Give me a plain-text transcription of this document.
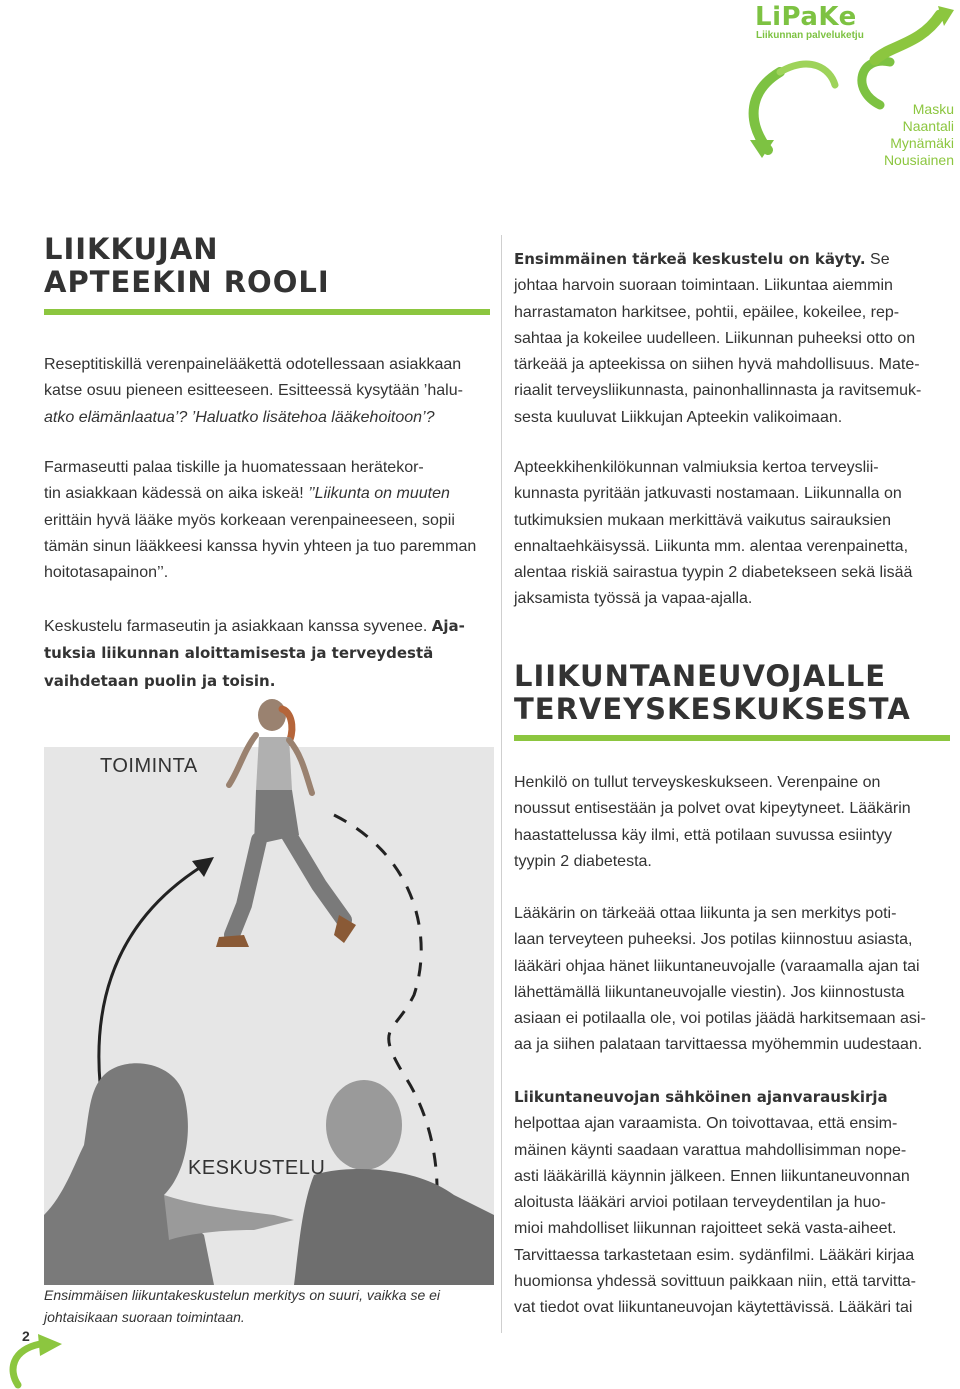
LiPaKe
Liikunnan palveluketju
Masku
Naantali
Mynämäki
Nousiainen
LIIKKUJAN
APTEEKIN ROOLI

Reseptitiskillä verenpainelääkettä odotellessaan asiakkaan

katse osuu pieneen esitteeseen. Esitteessä kysytään ’halu-

atko elämänlaatua’? ’Haluatko lisätehoa lääkehoitoon’?

Farmaseutti palaa tiskille ja huomatessaan herätekor-

tin asiakkaan kädessä on aika iskeä! ’’Liikunta on muuten

erittäin hyvä lääke myös korkeaan verenpaineeseen, sopii

tämän sinun lääkkeesi kanssa hyvin yhteen ja tuo paremman

hoitotasapainon’’.

Keskustelu farmaseutin ja asiakkaan kanssa syvenee. Aja-

tuksia liikunnan aloittamisesta ja terveydestä

vaihdetaan puolin ja toisin.

TOIMINTA
KESKUSTELU
Ensimmäisen liikuntakeskustelun merkitys on suuri, vaikka se ei
johtaisikaan suoraan toimintaan.

Ensimmäinen tärkeä keskustelu on käyty. Se

johtaa harvoin suoraan toimintaan. Liikuntaa aiemmin

harrastamaton harkitsee, pohtii, epäilee, kokeilee, rep-

sahtaa ja kokeilee uudelleen. Liikunnan puheeksi otto on

tärkeää ja apteekissa on siihen hyvä mahdollisuus. Mate-

riaalit terveysliikunnasta, painonhallinnasta ja ravitsemuk-

sesta kuuluvat Liikkujan Apteekin valikoimaan.

Apteekkihenkilökunnan valmiuksia kertoa terveyslii-

kunnasta pyritään jatkuvasti nostamaan. Liikunnalla on

tutkimuksien mukaan merkittävä vaikutus sairauksien

ennaltaehkäisyssä. Liikunta mm. alentaa verenpainetta,

alentaa riskiä sairastua tyypin 2 diabetekseen sekä lisää

jaksamista työssä ja vapaa-ajalla.

LIIKUNTANEUVOJALLE
TERVEYSKESKUKSESTA

Henkilö on tullut terveyskeskukseen. Verenpaine on

noussut entisestään ja polvet ovat kipeytyneet. Lääkärin

haastattelussa käy ilmi, että potilaan suvussa esiintyy

tyypin 2 diabetesta.

Lääkärin on tärkeää ottaa liikunta ja sen merkitys poti-

laan terveyteen puheeksi. Jos potilas kiinnostuu asiasta,

lääkäri ohjaa hänet liikuntaneuvojalle (varaamalla ajan tai

lähettämällä liikuntaneuvojalle viestin). Jos kiinnostusta

asiaan ei potilaalla ole, voi potilas jäädä harkitsemaan asi-

aa ja siihen palataan tarvittaessa myöhemmin uudestaan.

Liikuntaneuvojan sähköinen ajanvarauskirja

helpottaa ajan varaamista. On toivottavaa, että ensim-

mäinen käynti saadaan varattua mahdollisimman nope-

asti lääkärillä käynnin jälkeen. Ennen liikuntaneuvonnan

aloitusta lääkäri arvioi potilaan terveydentilan ja huo-

mioi mahdolliset liikunnan rajoitteet sekä vasta-aiheet.

Tarvittaessa tarkastetaan esim. sydänfilmi. Lääkäri kirjaa

huomionsa yhdessä sovittuun paikkaan niin, että tarvitta-

vat tiedot ovat liikuntaneuvojan käytettävissä. Lääkäri tai

2
